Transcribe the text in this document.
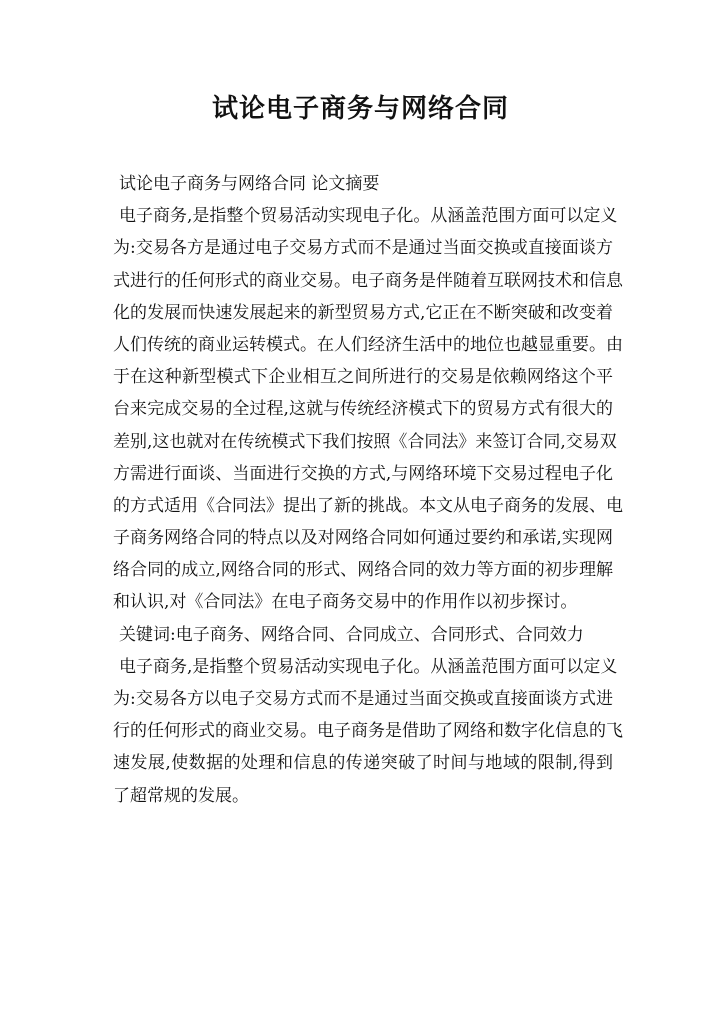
试论电子商务与网络合同
试论电子商务与网络合同 论文摘要
电子商务,是指整个贸易活动实现电子化。从涵盖范围方面可以定义
为:交易各方是通过电子交易方式而不是通过当面交换或直接面谈方
式进行的任何形式的商业交易。电子商务是伴随着互联网技术和信息
化的发展而快速发展起来的新型贸易方式,它正在不断突破和改变着
人们传统的商业运转模式。在人们经济生活中的地位也越显重要。由
于在这种新型模式下企业相互之间所进行的交易是依赖网络这个平
台来完成交易的全过程,这就与传统经济模式下的贸易方式有很大的
差别,这也就对在传统模式下我们按照《合同法》来签订合同,交易双
方需进行面谈、当面进行交换的方式,与网络环境下交易过程电子化
的方式适用《合同法》提出了新的挑战。本文从电子商务的发展、电
子商务网络合同的特点以及对网络合同如何通过要约和承诺,实现网
络合同的成立,网络合同的形式、网络合同的效力等方面的初步理解
和认识,对《合同法》在电子商务交易中的作用作以初步探讨。
关键词:电子商务、网络合同、合同成立、合同形式、合同效力
电子商务,是指整个贸易活动实现电子化。从涵盖范围方面可以定义
为:交易各方以电子交易方式而不是通过当面交换或直接面谈方式进
行的任何形式的商业交易。电子商务是借助了网络和数字化信息的飞
速发展,使数据的处理和信息的传递突破了时间与地域的限制,得到
了超常规的发展。
